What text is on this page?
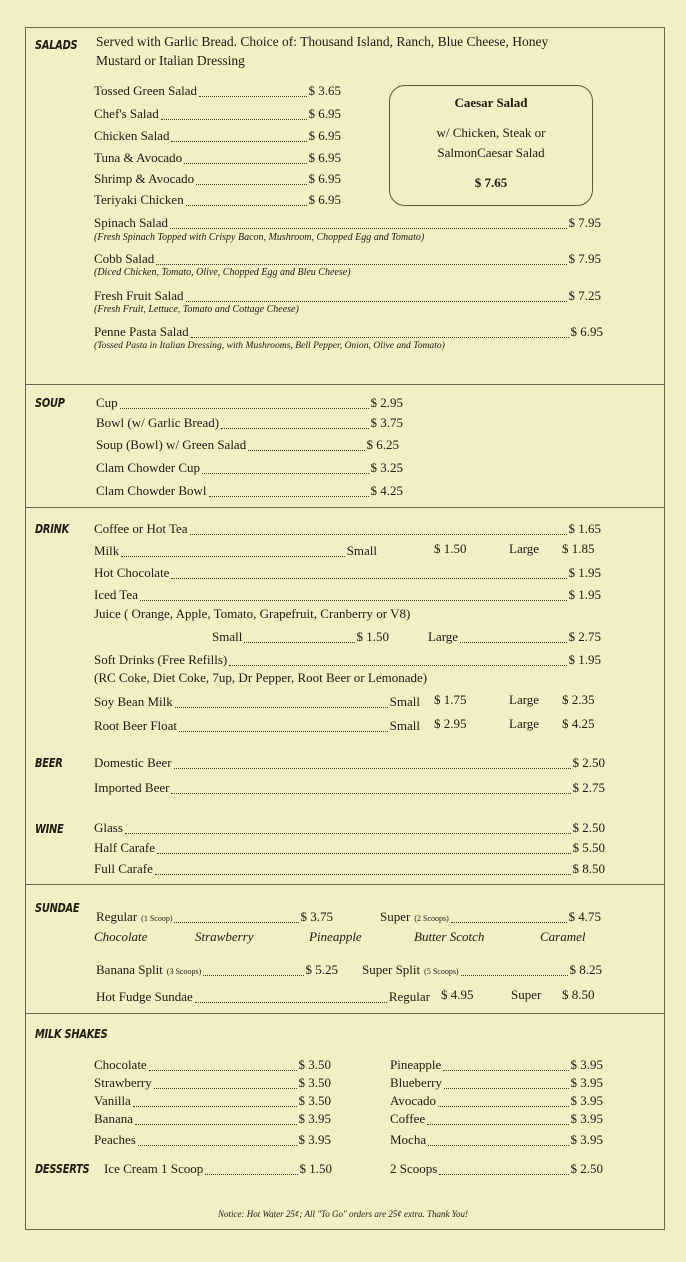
SALADS Served with Garlic Bread. Choice of: Thousand Island, Ranch, Blue Cheese, Honey Mustard or Italian Dressing
Tossed Green Salad	$ 3.65
Chef's Salad	$ 6.95
Chicken Salad	$ 6.95
Tuna & Avocado	$ 6.95
Shrimp & Avocado	$ 6.95
Teriyaki Chicken	$ 6.95
Spinach Salad	$ 7.95
(Fresh Spinach Topped with Crispy Bacon, Mushroom, Chopped Egg and Tomato)
Cobb Salad	$ 7.95
(Diced Chicken, Tomato, Olive, Chopped Egg and Bleu Cheese)
Fresh Fruit Salad	$ 7.25
(Fresh Fruit, Lettuce, Tomato and Cottage Cheese)
Penne Pasta Salad	$ 6.95
(Tossed Pasta in Italian Dressing, with Mushrooms, Bell Pepper, Onion, Olive and Tomato)
Caesar Salad
w/ Chicken, Steak or
SalmonCaesar Salad
$ 7.65
SOUP Cup	$ 2.95
Bowl (w/ Garlic Bread)	$ 3.75
Soup (Bowl) w/ Green Salad	$ 6.25
Clam Chowder Cup	$ 3.25
Clam Chowder Bowl	$ 4.25
DRINK Coffee or Hot Tea	$ 1.65
Milk	Small	$ 1.50	Large $ 1.85
Hot Chocolate	$ 1.95
Iced Tea	$ 1.95
Juice ( Orange, Apple, Tomato, Grapefruit, Cranberry or V8)
Small	$ 1.50	Large	$ 2.75
Soft Drinks (Free Refills)	$ 1.95
(RC Coke, Diet Coke, 7up, Dr Pepper, Root Beer or Lemonade)
Soy Bean Milk	Small $ 1.75	Large $ 2.35
Root Beer Float	Small $ 2.95	Large $ 4.25
BEER Domestic Beer	$ 2.50
Imported Beer	$ 2.75
WINE Glass	$ 2.50
Half Carafe	$ 5.50
Full Carafe	$ 8.50
SUNDAE
Regular (1 Scoop)	$ 3.75	Super (2 Scoops)	$ 4.75
Chocolate	Strawberry	Pineapple	Butter Scotch	Caramel
Banana Split (3 Scoops)	$ 5.25 Super Split (5 Scoops)	$ 8.25
Hot Fudge Sundae	Regular $ 4.95	Super $ 8.50
MILK SHAKES
Chocolate	$ 3.50
Strawberry	$ 3.50
Vanilla	$ 3.50
Banana	$ 3.95
Peaches	$ 3.95
Pineapple	$ 3.95
Blueberry	$ 3.95
Avocado	$ 3.95
Coffee	$ 3.95
Mocha	$ 3.95
DESSERTS Ice Cream 1 Scoop	$ 1.50	2 Scoops	$ 2.50
Notice: Hot Water 25¢; All "To Go" orders are 25¢ extra. Thank You!
